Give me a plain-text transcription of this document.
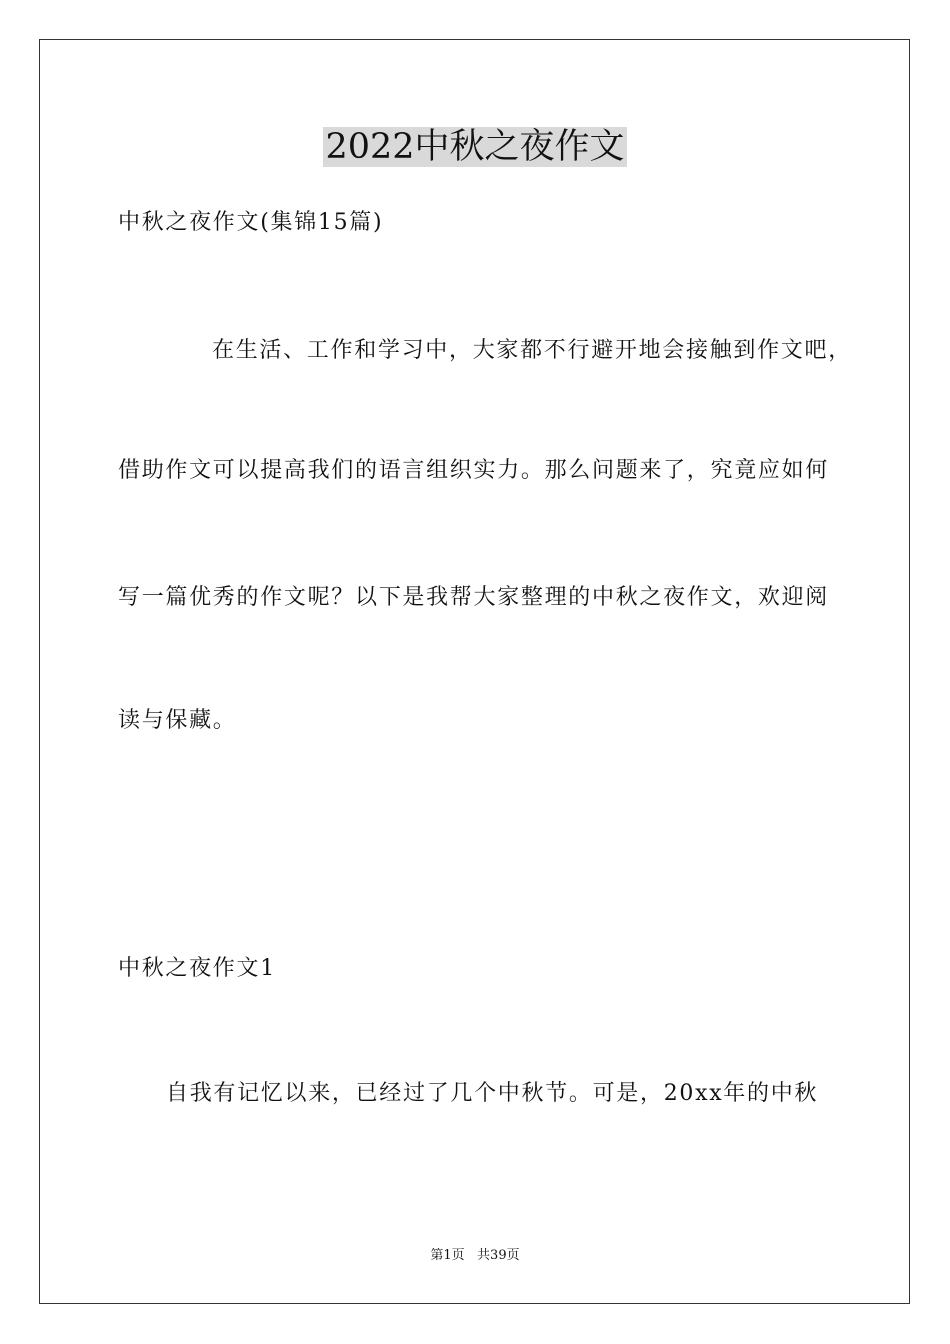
2022中秋之夜作文
中秋之夜作文(集锦15篇)
在生活、工作和学习中，大家都不行避开地会接触到作文吧，
借助作文可以提高我们的语言组织实力。那么问题来了，究竟应如何
写一篇优秀的作文呢？以下是我帮大家整理的中秋之夜作文，欢迎阅
读与保藏。
中秋之夜作文1
自我有记忆以来，已经过了几个中秋节。可是，20xx年的中秋
第1页   共39页
